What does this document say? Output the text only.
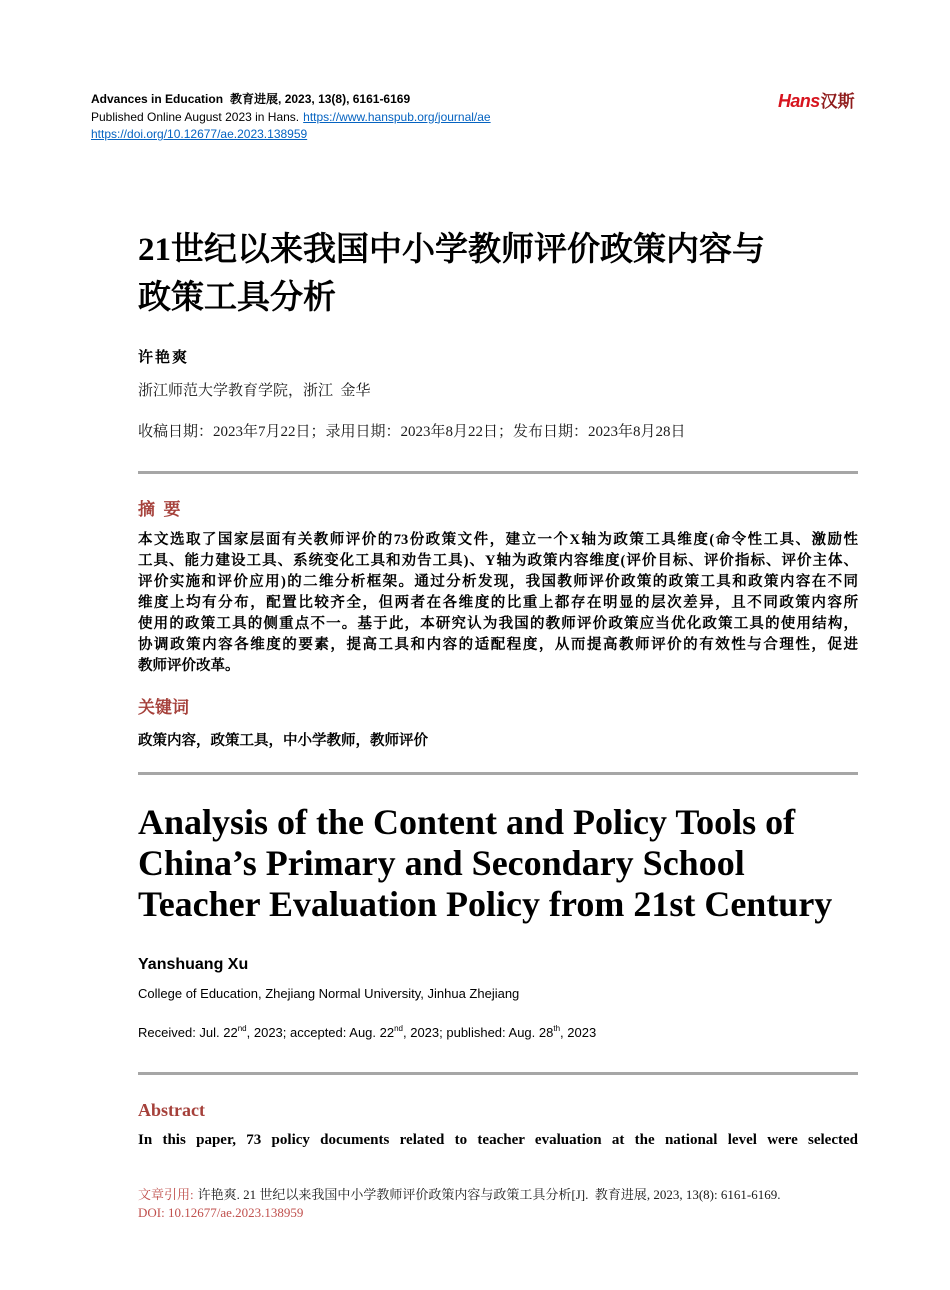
Advances in Education 教育进展, 2023, 13(8), 6161-6169
Published Online August 2023 in Hans. https://www.hanspub.org/journal/ae
https://doi.org/10.12677/ae.2023.138959
Hans汉斯
21世纪以来我国中小学教师评价政策内容与
政策工具分析
许艳爽
浙江师范大学教育学院，浙江  金华
收稿日期：2023年7月22日；录用日期：2023年8月22日；发布日期：2023年8月28日
摘  要
本文选取了国家层面有关教师评价的73份政策文件，建立一个X轴为政策工具维度(命令性工具、激励性
工具、能力建设工具、系统变化工具和劝告工具)、Y轴为政策内容维度(评价目标、评价指标、评价主体、
评价实施和评价应用)的二维分析框架。通过分析发现，我国教师评价政策的政策工具和政策内容在不同
维度上均有分布，配置比较齐全，但两者在各维度的比重上都存在明显的层次差异，且不同政策内容所
使用的政策工具的侧重点不一。基于此，本研究认为我国的教师评价政策应当优化政策工具的使用结构，
协调政策内容各维度的要素，提高工具和内容的适配程度，从而提高教师评价的有效性与合理性，促进
教师评价改革。
关键词
政策内容，政策工具，中小学教师，教师评价
Analysis of the Content and Policy Tools of
China’s Primary and Secondary School
Teacher Evaluation Policy from 21st Century
Yanshuang Xu
College of Education, Zhejiang Normal University, Jinhua Zhejiang
Received: Jul. 22nd, 2023; accepted: Aug. 22nd, 2023; published: Aug. 28th, 2023
Abstract
In this paper, 73 policy documents related to teacher evaluation at the national level were selected
文章引用: 许艳爽. 21 世纪以来我国中小学教师评价政策内容与政策工具分析[J].  教育进展, 2023, 13(8): 6161-6169.
DOI: 10.12677/ae.2023.138959
